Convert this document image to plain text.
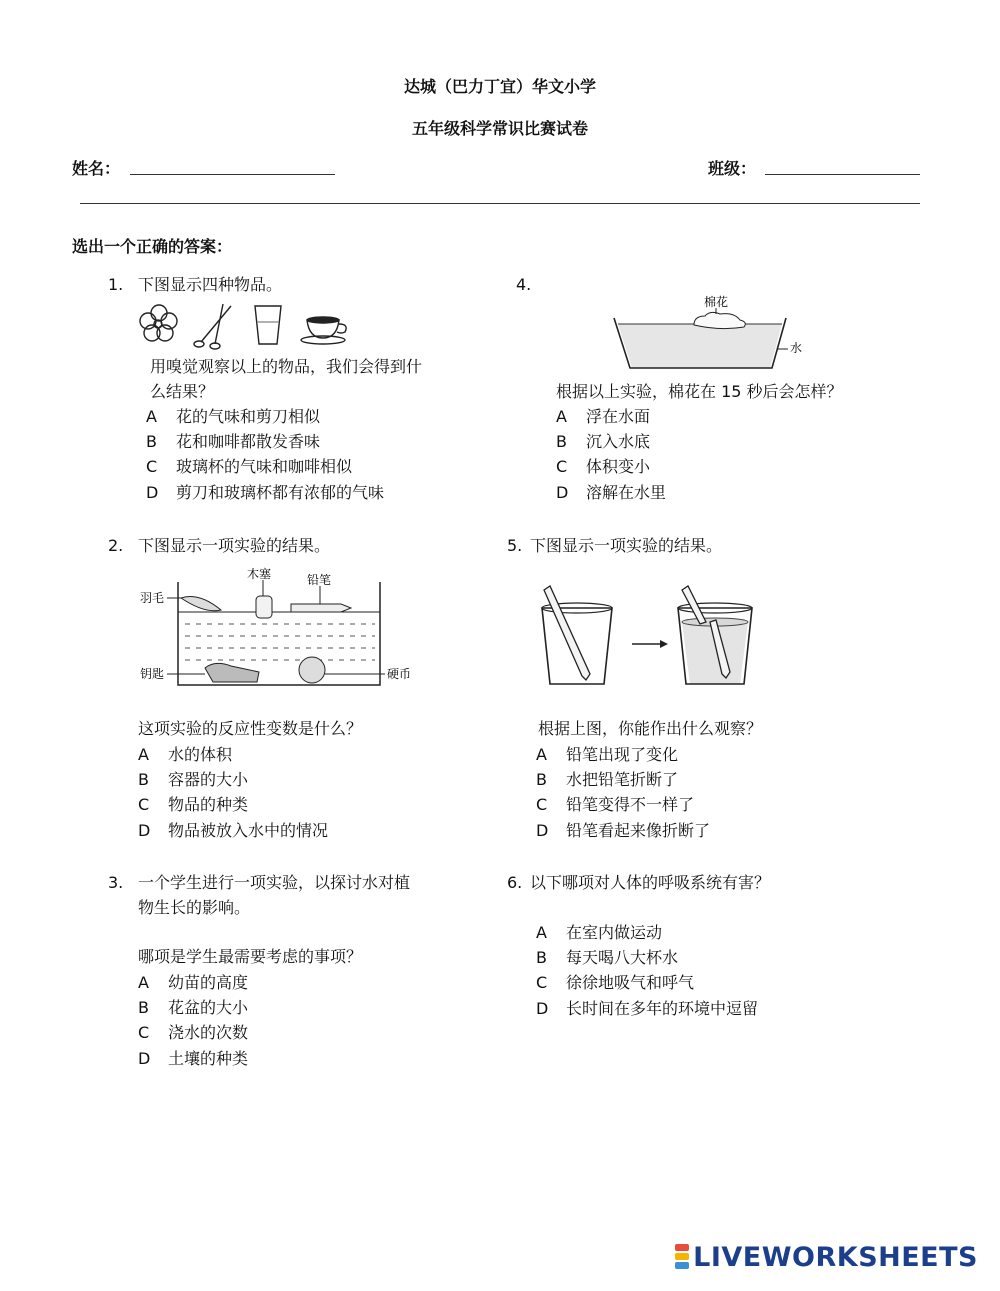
达城（巴力丁宜）华文小学
五年级科学常识比赛试卷
姓名：	班级：
选出一个正确的答案：
1. 下图显示四种物品。
用嗅觉观察以上的物品，我们会得到什
么结果？
A 花的气味和剪刀相似
B 花和咖啡都散发香味
C 玻璃杯的气味和咖啡相似
D 剪刀和玻璃杯都有浓郁的气味
2. 下图显示一项实验的结果。
木塞	铅笔
羽毛
钥匙	硬币
这项实验的反应性变数是什么？
A 水的体积
B 容器的大小
C 物品的种类
D 物品被放入水中的情况
3. 一个学生进行一项实验，以探讨水对植
物生长的影响。
哪项是学生最需要考虑的事项？
A 幼苗的高度
B 花盆的大小
C 浇水的次数
D 土壤的种类
4.
棉花
水
根据以上实验，棉花在 15 秒后会怎样？
A 浮在水面
B 沉入水底
C 体积变小
D 溶解在水里
5. 下图显示一项实验的结果。
根据上图，你能作出什么观察？
A 铅笔出现了变化
B 水把铅笔折断了
C 铅笔变得不一样了
D 铅笔看起来像折断了
6. 以下哪项对人体的呼吸系统有害？
A 在室内做运动
B 每天喝八大杯水
C 徐徐地吸气和呼气
D 长时间在多年的环境中逗留
LIVEWORKSHEETS
